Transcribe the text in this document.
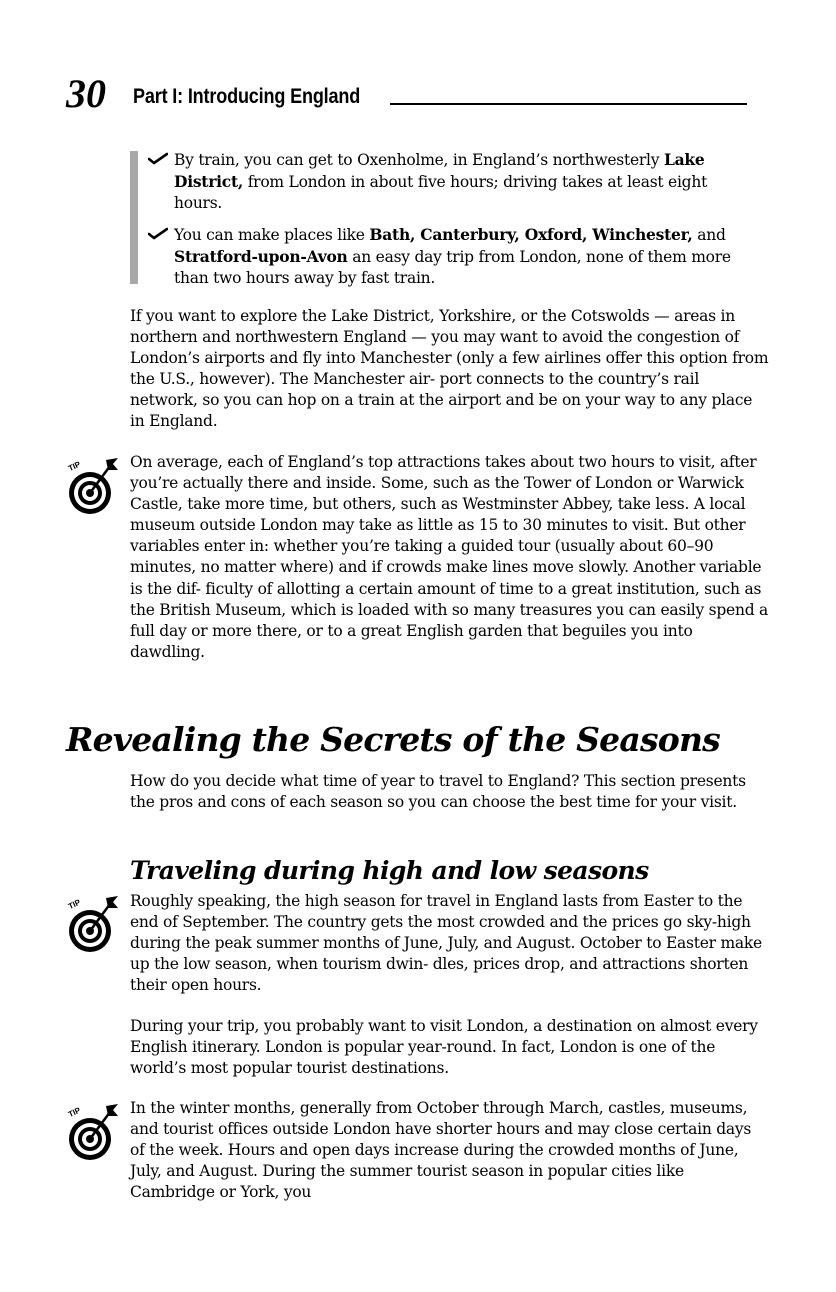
30 Part I: Introducing England
By train, you can get to Oxenholme, in England’s northwesterly Lake District, from London in about five hours; driving takes at least eight hours.
You can make places like Bath, Canterbury, Oxford, Winchester, and Stratford-upon-Avon an easy day trip from London, none of them more than two hours away by fast train.

If you want to explore the Lake District, Yorkshire, or the Cotswolds — areas in northern and northwestern England — you may want to avoid the congestion of London’s airports and fly into Manchester (only a few airlines offer this option from the U.S., however). The Manchester air- port connects to the country’s rail network, so you can hop on a train at the airport and be on your way to any place in England.

TIP	On average, each of England’s top attractions takes about two hours to visit, after you’re actually there and inside. Some, such as the Tower of London or Warwick Castle, take more time, but others, such as Westminster Abbey, take less. A local museum outside London may take as little as 15 to 30 minutes to visit. But other variables enter in: whether you’re taking a guided tour (usually about 60–90 minutes, no matter where) and if crowds make lines move slowly. Another variable is the dif- ficulty of allotting a certain amount of time to a great institution, such as the British Museum, which is loaded with so many treasures you can easily spend a full day or more there, or to a great English garden that beguiles you into dawdling.

Revealing the Secrets of the Seasons

How do you decide what time of year to travel to England? This section presents the pros and cons of each season so you can choose the best time for your visit.

Traveling during high and low seasons
TIP	Roughly speaking, the high season for travel in England lasts from Easter to the end of September. The country gets the most crowded and the prices go sky-high during the peak summer months of June, July, and August. October to Easter make up the low season, when tourism dwin- dles, prices drop, and attractions shorten their open hours.

During your trip, you probably want to visit London, a destination on almost every English itinerary. London is popular year-round. In fact, London is one of the world’s most popular tourist destinations.

TIP	In the winter months, generally from October through March, castles, museums, and tourist offices outside London have shorter hours and may close certain days of the week. Hours and open days increase during the crowded months of June, July, and August. During the summer tourist season in popular cities like Cambridge or York, you
